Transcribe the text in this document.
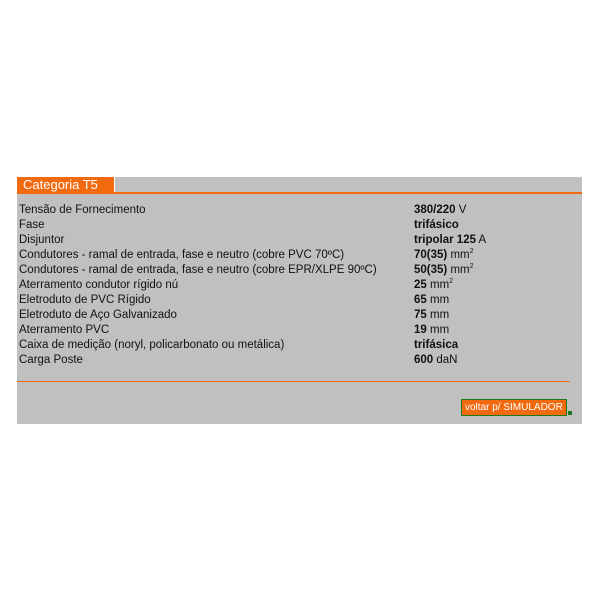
Categoria T5
Tensão de Fornecimento	380/220 V
Fase	trifásico
Disjuntor	tripolar 125 A
Condutores - ramal de entrada, fase e neutro (cobre PVC 70ºC)	70(35) $mm^2$
Condutores - ramal de entrada, fase e neutro (cobre EPR/XLPE 90ºC)	50(35) $mm^2$
Aterramento condutor rígido nú	25 $mm^2$
Eletroduto de PVC Rígido	65 mm
Eletroduto de Aço Galvanizado	75 mm
Aterramento PVC	19 mm
Caixa de medição (noryl, policarbonato ou metálica)	trifásica
Carga Poste	600 daN
voltar p/ SIMULADOR
